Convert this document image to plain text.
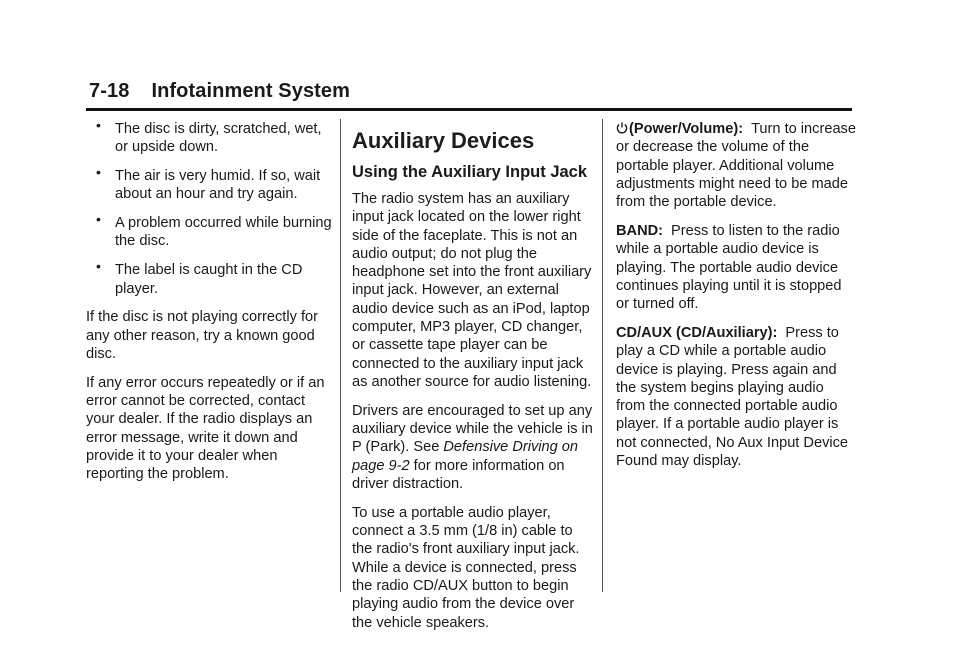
7-18 Infotainment System
• The disc is dirty, scratched, wet, or upside down.
• The air is very humid. If so, wait about an hour and try again.
• A problem occurred while burning the disc.
• The label is caught in the CD player.

If the disc is not playing correctly for any other reason, try a known good disc.

If any error occurs repeatedly or if an error cannot be corrected, contact your dealer. If the radio displays an error message, write it down and provide it to your dealer when reporting the problem.

Auxiliary Devices
Using the Auxiliary Input Jack

The radio system has an auxiliary input jack located on the lower right side of the faceplate. This is not an audio output; do not plug the headphone set into the front auxiliary input jack. However, an external audio device such as an iPod, laptop computer, MP3 player, CD changer, or cassette tape player can be connected to the auxiliary input jack as another source for audio listening.

Drivers are encouraged to set up any auxiliary device while the vehicle is in P (Park). See Defensive Driving on page 9-2 for more information on driver distraction.

To use a portable audio player, connect a 3.5 mm (1/8 in) cable to the radio's front auxiliary input jack. While a device is connected, press the radio CD/AUX button to begin playing audio from the device over the vehicle speakers.

(Power/Volume): Turn to increase or decrease the volume of the portable player. Additional volume adjustments might need to be made from the portable device.

BAND: Press to listen to the radio while a portable audio device is playing. The portable audio device continues playing until it is stopped or turned off.

CD/AUX (CD/Auxiliary): Press to play a CD while a portable audio device is playing. Press again and the system begins playing audio from the connected portable audio player. If a portable audio player is not connected, No Aux Input Device Found may display.
